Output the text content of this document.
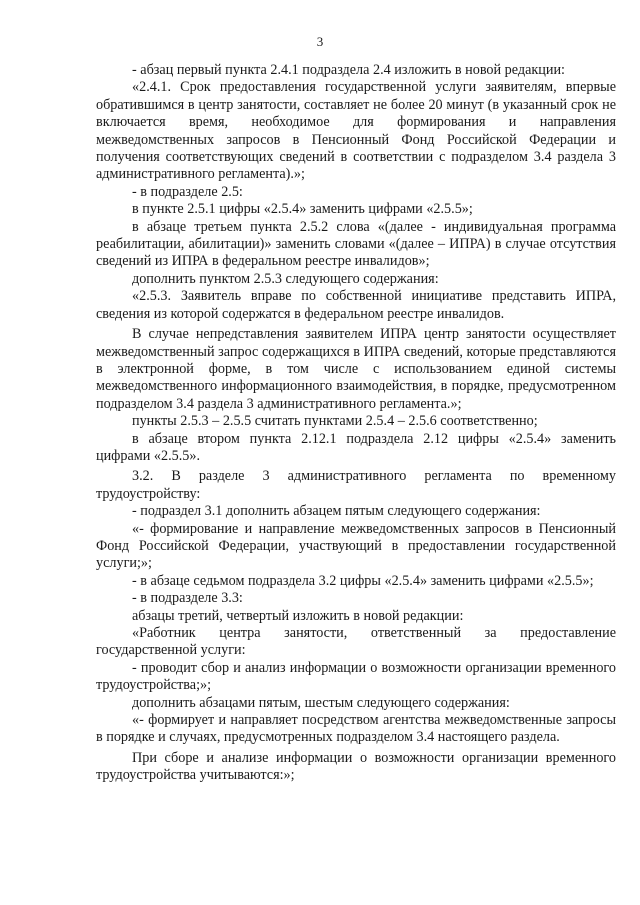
3

- абзац первый пункта 2.4.1 подраздела 2.4 изложить в новой редакции:

«2.4.1. Срок предоставления государственной услуги заявителям, впервые обратившимся в центр занятости, составляет не более 20 минут (в указанный срок не включается время, необходимое для формирования и направления межведомственных запросов в Пенсионный Фонд Российской Федерации и получения соответствующих сведений в соответствии с подразделом 3.4 раздела 3 административного регламента).»;

- в подразделе 2.5:

в пункте 2.5.1 цифры «2.5.4» заменить цифрами «2.5.5»;

в абзаце третьем пункта 2.5.2 слова «(далее - индивидуальная программа реабилитации, абилитации)» заменить словами «(далее – ИПРА) в случае отсутствия сведений из ИПРА в федеральном реестре инвалидов»;

дополнить пунктом 2.5.3 следующего содержания:

«2.5.3. Заявитель вправе по собственной инициативе представить ИПРА, сведения из которой содержатся в федеральном реестре инвалидов.

В случае непредставления заявителем ИПРА центр занятости осуществляет межведомственный запрос содержащихся в ИПРА сведений, которые представляются в электронной форме, в том числе с использованием единой системы межведомственного информационного взаимодействия, в порядке, предусмотренном подразделом 3.4 раздела 3 административного регламента.»;

пункты 2.5.3 – 2.5.5 считать пунктами 2.5.4 – 2.5.6 соответственно;

в абзаце втором пункта 2.12.1 подраздела 2.12 цифры «2.5.4» заменить цифрами «2.5.5».

3.2. В разделе 3 административного регламента по временному трудоустройству:

- подраздел 3.1 дополнить абзацем пятым следующего содержания:

«- формирование и направление межведомственных запросов в Пенсионный Фонд Российской Федерации, участвующий в предоставлении государственной услуги;»;

- в абзаце седьмом подраздела 3.2 цифры «2.5.4» заменить цифрами «2.5.5»;

- в подразделе 3.3:

абзацы третий, четвертый изложить в новой редакции:

«Работник центра занятости, ответственный за предоставление государственной услуги:

- проводит сбор и анализ информации о возможности организации временного трудоустройства;»;

дополнить абзацами пятым, шестым следующего содержания:

«- формирует и направляет посредством агентства межведомственные запросы в порядке и случаях, предусмотренных подразделом 3.4 настоящего раздела.

При сборе и анализе информации о возможности организации временного трудоустройства учитываются:»;
